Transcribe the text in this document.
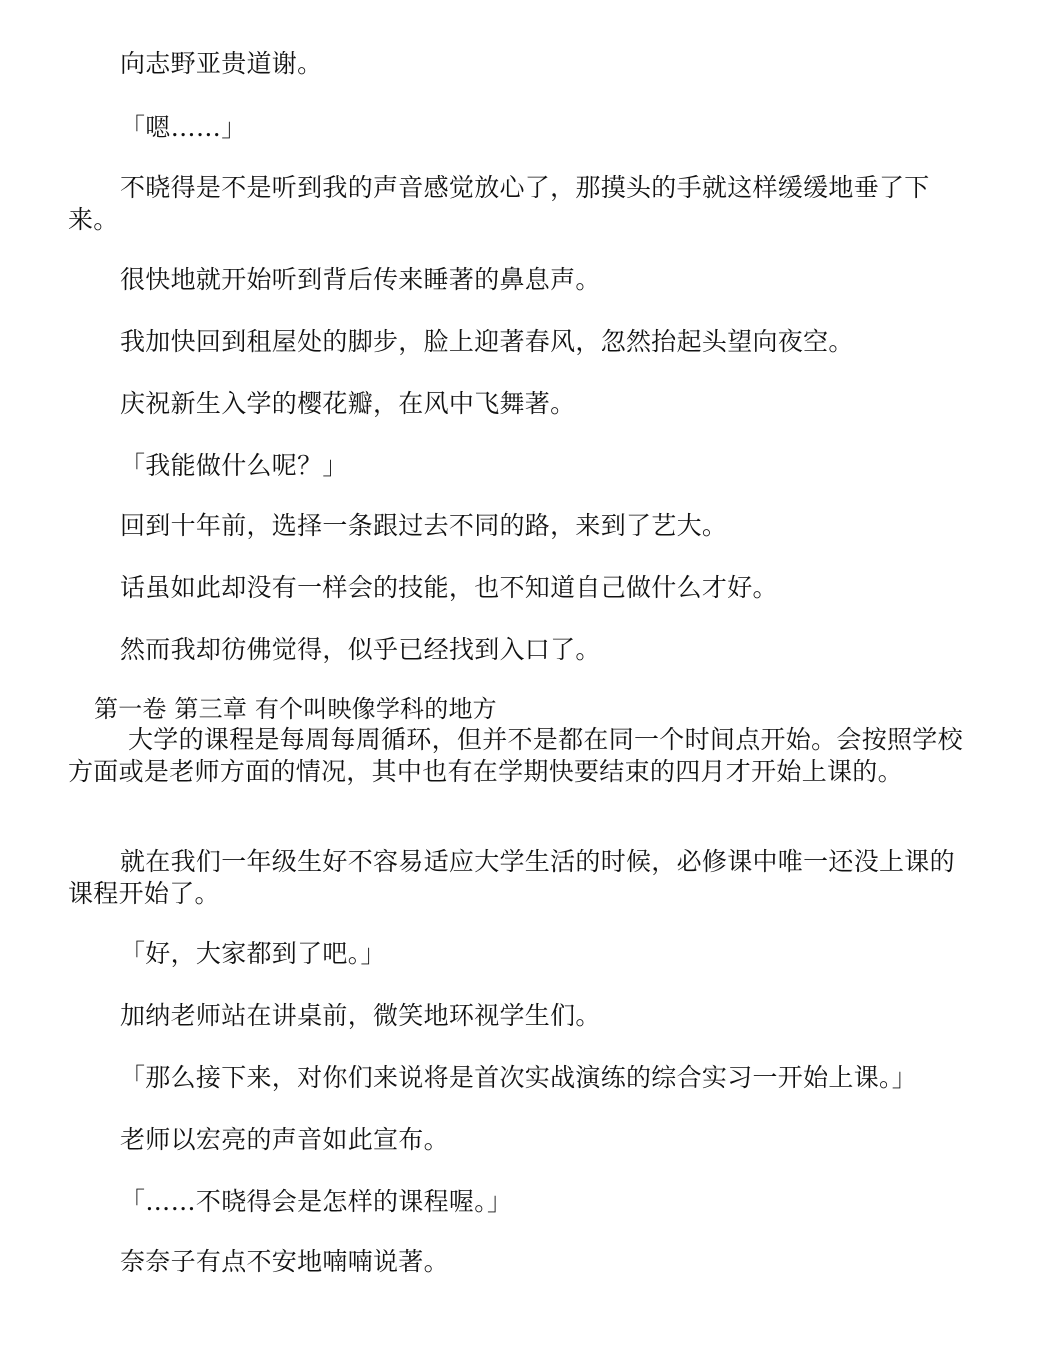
向志野亚贵道谢。
「嗯……」
不晓得是不是听到我的声音感觉放心了，那摸头的手就这样缓缓地垂了下来。
很快地就开始听到背后传来睡著的鼻息声。
我加快回到租屋处的脚步，脸上迎著春风，忽然抬起头望向夜空。
庆祝新生入学的樱花瓣，在风中飞舞著。
「我能做什么呢？」
回到十年前，选择一条跟过去不同的路，来到了艺大。
话虽如此却没有一样会的技能，也不知道自己做什么才好。
然而我却彷佛觉得，似乎已经找到入口了。
第一卷 第三章 有个叫映像学科的地方
大学的课程是每周每周循环，但并不是都在同一个时间点开始。会按照学校方面或是老师方面的情况，其中也有在学期快要结束的四月才开始上课的。
就在我们一年级生好不容易适应大学生活的时候，必修课中唯一还没上课的课程开始了。
「好，大家都到了吧。」
加纳老师站在讲桌前，微笑地环视学生们。
「那么接下来，对你们来说将是首次实战演练的综合实习一开始上课。」
老师以宏亮的声音如此宣布。
「……不晓得会是怎样的课程喔。」
奈奈子有点不安地喃喃说著。
